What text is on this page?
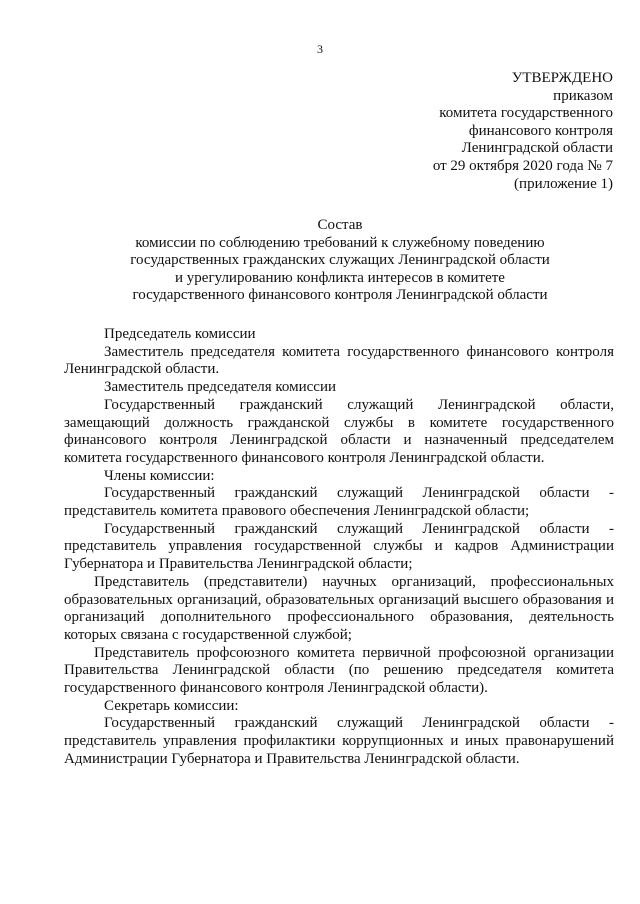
3
УТВЕРЖДЕНО
приказом
комитета государственного
финансового контроля
Ленинградской области
от 29 октября 2020 года № 7
(приложение 1)
Состав
комиссии по соблюдению требований к служебному поведению
государственных гражданских служащих Ленинградской области
и урегулированию конфликта интересов в комитете
государственного финансового контроля Ленинградской области

Председатель комиссии

Заместитель председателя комитета государственного финансового контроля Ленинградской области.

Заместитель председателя комиссии

Государственный гражданский служащий Ленинградской области, замещающий должность гражданской службы в комитете государственного финансового контроля Ленинградской области и назначенный председателем комитета государственного финансового контроля Ленинградской области.

Члены комиссии:

Государственный гражданский служащий Ленинградской области - представитель комитета правового обеспечения Ленинградской области;

Государственный гражданский служащий Ленинградской области - представитель управления государственной службы и кадров Администрации Губернатора и Правительства Ленинградской области;

Представитель (представители) научных организаций, профессиональных образовательных организаций, образовательных организаций высшего образования и организаций дополнительного профессионального образования, деятельность которых связана с государственной службой;

Представитель профсоюзного комитета первичной профсоюзной организации Правительства Ленинградской области (по решению председателя комитета государственного финансового контроля Ленинградской области).

Секретарь комиссии:

Государственный гражданский служащий Ленинградской области - представитель управления профилактики коррупционных и иных правонарушений Администрации Губернатора и Правительства Ленинградской области.
